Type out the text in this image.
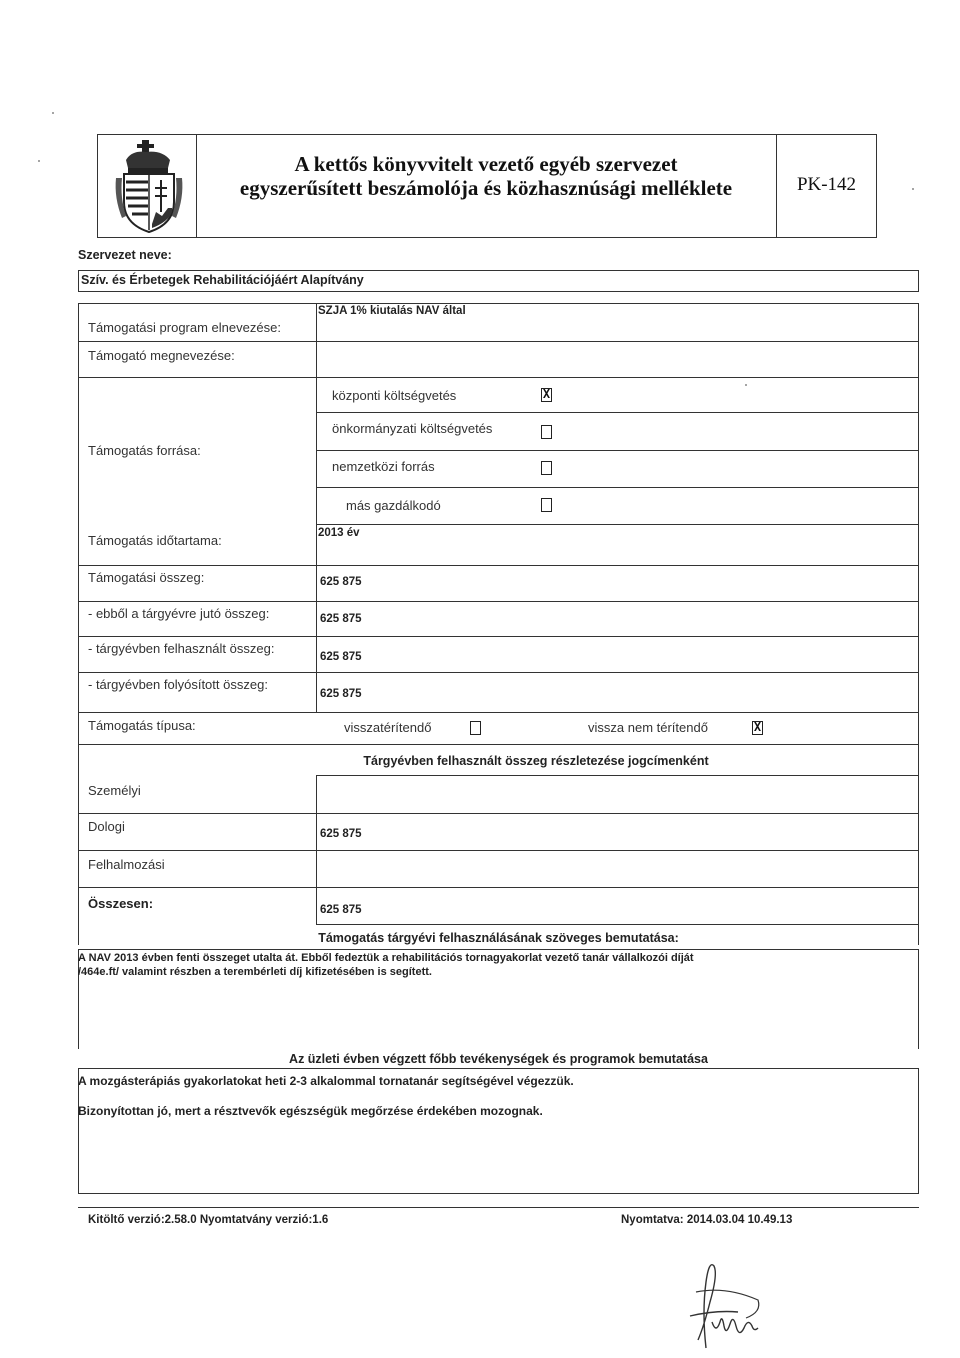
A kettős könyvvitelt vezető egyéb szervezet
egyszerűsített beszámolója és közhasznúsági melléklete	PK-142
Szervezet neve:
Szív. és Érbetegek Rehabilitációjáért Alapítvány
Támogatási program elnevezése:
SZJA 1% kiutalás NAV által
Támogató megnevezése:
Támogatás forrása:
központi költségvetés	X
önkormányzati költségvetés
nemzetközi forrás
más gazdálkodó
Támogatás időtartama:	2013 év
Támogatási összeg:	625 875
- ebből a tárgyévre jutó összeg:	625 875
- tárgyévben felhasznált összeg:
625 875
- tárgyévben folyósított összeg:
625 875
Támogatás típusa:	visszatérítendő	vissza nem térítendő	X
Tárgyévben felhasznált összeg részletezése jogcímenként
Személyi
Dologi	625 875
Felhalmozási
Összesen:	625 875
Támogatás tárgyévi felhasználásának szöveges bemutatása:
A NAV 2013 évben fenti összeget utalta át. Ebből fedeztük a rehabilitációs tornagyakorlat vezető tanár vállalkozói díját
/464e.ft/ valamint részben a terembérleti díj kifizetésében is segített.
Az üzleti évben végzett főbb tevékenységek és programok bemutatása
A mozgásterápiás gyakorlatokat heti 2-3 alkalommal tornatanár segítségével végezzük.
Bizonyítottan jó, mert a résztvevők egészségük megőrzése érdekében mozognak.
Kitöltő verzió:2.58.0 Nyomtatvány verzió:1.6	Nyomtatva: 2014.03.04 10.49.13
